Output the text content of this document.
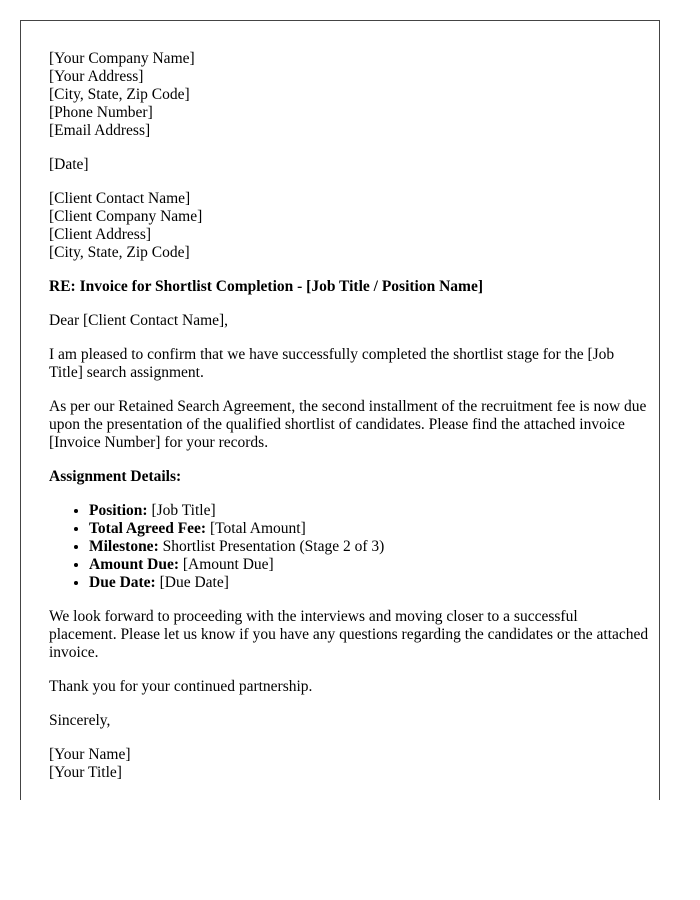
[Your Company Name]
[Your Address]
[City, State, Zip Code]
[Phone Number]
[Email Address]
[Date]
[Client Contact Name]
[Client Company Name]
[Client Address]
[City, State, Zip Code]

RE: Invoice for Shortlist Completion - [Job Title / Position Name]

Dear [Client Contact Name],

I am pleased to confirm that we have successfully completed the shortlist stage for the [Job Title] search assignment.

As per our Retained Search Agreement, the second installment of the recruitment fee is now due upon the presentation of the qualified shortlist of candidates. Please find the attached invoice [Invoice Number] for your records.

Assignment Details:

• Position: [Job Title]
• Total Agreed Fee: [Total Amount]
• Milestone: Shortlist Presentation (Stage 2 of 3)
• Amount Due: [Amount Due]
• Due Date: [Due Date]

We look forward to proceeding with the interviews and moving closer to a successful placement. Please let us know if you have any questions regarding the candidates or the attached invoice.

Thank you for your continued partnership.

Sincerely,

[Your Name]
[Your Title]
